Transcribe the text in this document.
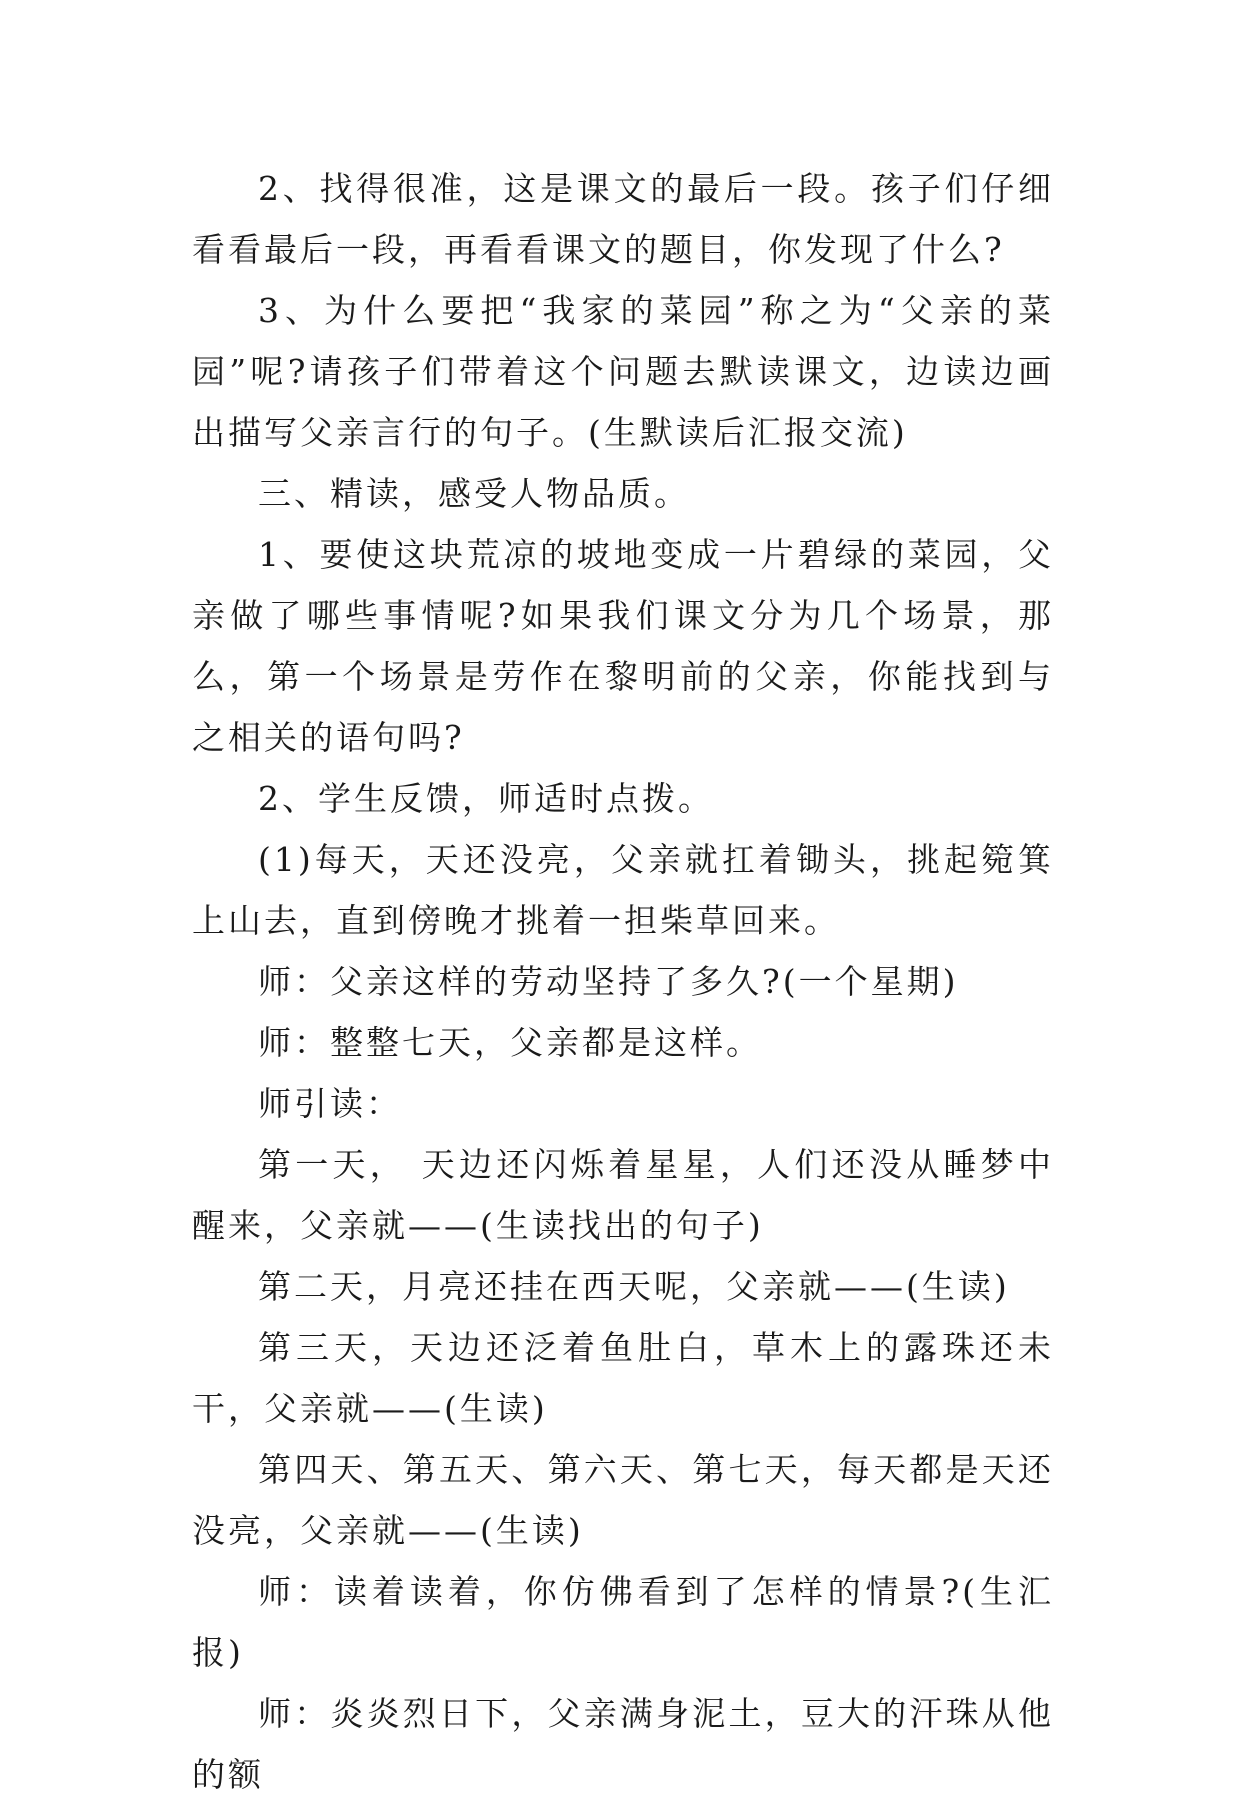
2、找得很准，这是课文的最后一段。孩子们仔细看看最后一段，再看看课文的题目，你发现了什么?

3、为什么要把“我家的菜园”称之为“父亲的菜园”呢?请孩子们带着这个问题去默读课文，边读边画出描写父亲言行的句子。(生默读后汇报交流)

三、精读，感受人物品质。

1、要使这块荒凉的坡地变成一片碧绿的菜园，父亲做了哪些事情呢?如果我们课文分为几个场景，那么，第一个场景是劳作在黎明前的父亲，你能找到与之相关的语句吗?

2、学生反馈，师适时点拨。

(1)每天，天还没亮，父亲就扛着锄头，挑起箢箕上山去，直到傍晚才挑着一担柴草回来。

师：父亲这样的劳动坚持了多久?(一个星期)

师：整整七天，父亲都是这样。

师引读：

第一天， 天边还闪烁着星星，人们还没从睡梦中醒来，父亲就——(生读找出的句子)

第二天，月亮还挂在西天呢，父亲就——(生读)

第三天，天边还泛着鱼肚白，草木上的露珠还未干，父亲就——(生读)

第四天、第五天、第六天、第七天，每天都是天还没亮，父亲就——(生读)

师：读着读着，你仿佛看到了怎样的情景?(生汇报)

师：炎炎烈日下，父亲满身泥土，豆大的汗珠从他的额
